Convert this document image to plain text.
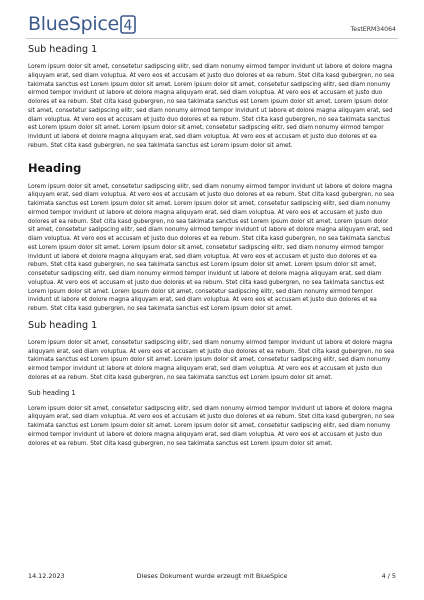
BlueSpice 4	TestERM34064
Sub heading 1

Lorem ipsum dolor sit amet, consetetur sadipscing elitr, sed diam nonumy eirmod tempor invidunt ut labore et dolore magna aliquyam erat, sed diam voluptua. At vero eos et accusam et justo duo dolores et ea rebum. Stet clita kasd gubergren, no sea takimata sanctus est Lorem ipsum dolor sit amet. Lorem ipsum dolor sit amet, consetetur sadipscing elitr, sed diam nonumy eirmod tempor invidunt ut labore et dolore magna aliquyam erat, sed diam voluptua. At vero eos et accusam et justo duo dolores et ea rebum. Stet clita kasd gubergren, no sea takimata sanctus est Lorem ipsum dolor sit amet. Lorem ipsum dolor sit amet, consetetur sadipscing elitr, sed diam nonumy eirmod tempor invidunt ut labore et dolore magna aliquyam erat, sed diam voluptua. At vero eos et accusam et justo duo dolores et ea rebum. Stet clita kasd gubergren, no sea takimata sanctus est Lorem ipsum dolor sit amet. Lorem ipsum dolor sit amet, consetetur sadipscing elitr, sed diam nonumy eirmod tempor invidunt ut labore et dolore magna aliquyam erat, sed diam voluptua. At vero eos et accusam et justo duo dolores et ea rebum. Stet clita kasd gubergren, no sea takimata sanctus est Lorem ipsum dolor sit amet.

Heading

Lorem ipsum dolor sit amet, consetetur sadipscing elitr, sed diam nonumy eirmod tempor invidunt ut labore et dolore magna aliquyam erat, sed diam voluptua. At vero eos et accusam et justo duo dolores et ea rebum. Stet clita kasd gubergren, no sea takimata sanctus est Lorem ipsum dolor sit amet. Lorem ipsum dolor sit amet, consetetur sadipscing elitr, sed diam nonumy eirmod tempor invidunt ut labore et dolore magna aliquyam erat, sed diam voluptua. At vero eos et accusam et justo duo dolores et ea rebum. Stet clita kasd gubergren, no sea takimata sanctus est Lorem ipsum dolor sit amet. Lorem ipsum dolor sit amet, consetetur sadipscing elitr, sed diam nonumy eirmod tempor invidunt ut labore et dolore magna aliquyam erat, sed diam voluptua. At vero eos et accusam et justo duo dolores et ea rebum. Stet clita kasd gubergren, no sea takimata sanctus est Lorem ipsum dolor sit amet. Lorem ipsum dolor sit amet, consetetur sadipscing elitr, sed diam nonumy eirmod tempor invidunt ut labore et dolore magna aliquyam erat, sed diam voluptua. At vero eos et accusam et justo duo dolores et ea rebum. Stet clita kasd gubergren, no sea takimata sanctus est Lorem ipsum dolor sit amet. Lorem ipsum dolor sit amet, consetetur sadipscing elitr, sed diam nonumy eirmod tempor invidunt ut labore et dolore magna aliquyam erat, sed diam voluptua. At vero eos et accusam et justo duo dolores et ea rebum. Stet clita kasd gubergren, no sea takimata sanctus est Lorem ipsum dolor sit amet. Lorem ipsum dolor sit amet, consetetur sadipscing elitr, sed diam nonumy eirmod tempor invidunt ut labore et dolore magna aliquyam erat, sed diam voluptua. At vero eos et accusam et justo duo dolores et ea rebum. Stet clita kasd gubergren, no sea takimata sanctus est Lorem ipsum dolor sit amet.

Sub heading 1

Lorem ipsum dolor sit amet, consetetur sadipscing elitr, sed diam nonumy eirmod tempor invidunt ut labore et dolore magna aliquyam erat, sed diam voluptua. At vero eos et accusam et justo duo dolores et ea rebum. Stet clita kasd gubergren, no sea takimata sanctus est Lorem ipsum dolor sit amet. Lorem ipsum dolor sit amet, consetetur sadipscing elitr, sed diam nonumy eirmod tempor invidunt ut labore et dolore magna aliquyam erat, sed diam voluptua. At vero eos et accusam et justo duo dolores et ea rebum. Stet clita kasd gubergren, no sea takimata sanctus est Lorem ipsum dolor sit amet.

Sub heading 1

Lorem ipsum dolor sit amet, consetetur sadipscing elitr, sed diam nonumy eirmod tempor invidunt ut labore et dolore magna aliquyam erat, sed diam voluptua. At vero eos et accusam et justo duo dolores et ea rebum. Stet clita kasd gubergren, no sea takimata sanctus est Lorem ipsum dolor sit amet. Lorem ipsum dolor sit amet, consetetur sadipscing elitr, sed diam nonumy eirmod tempor invidunt ut labore et dolore magna aliquyam erat, sed diam voluptua. At vero eos et accusam et justo duo dolores et ea rebum. Stet clita kasd gubergren, no sea takimata sanctus est Lorem ipsum dolor sit amet.

14.12.2023	Dieses Dokument wurde erzeugt mit BlueSpice	4 / 5
